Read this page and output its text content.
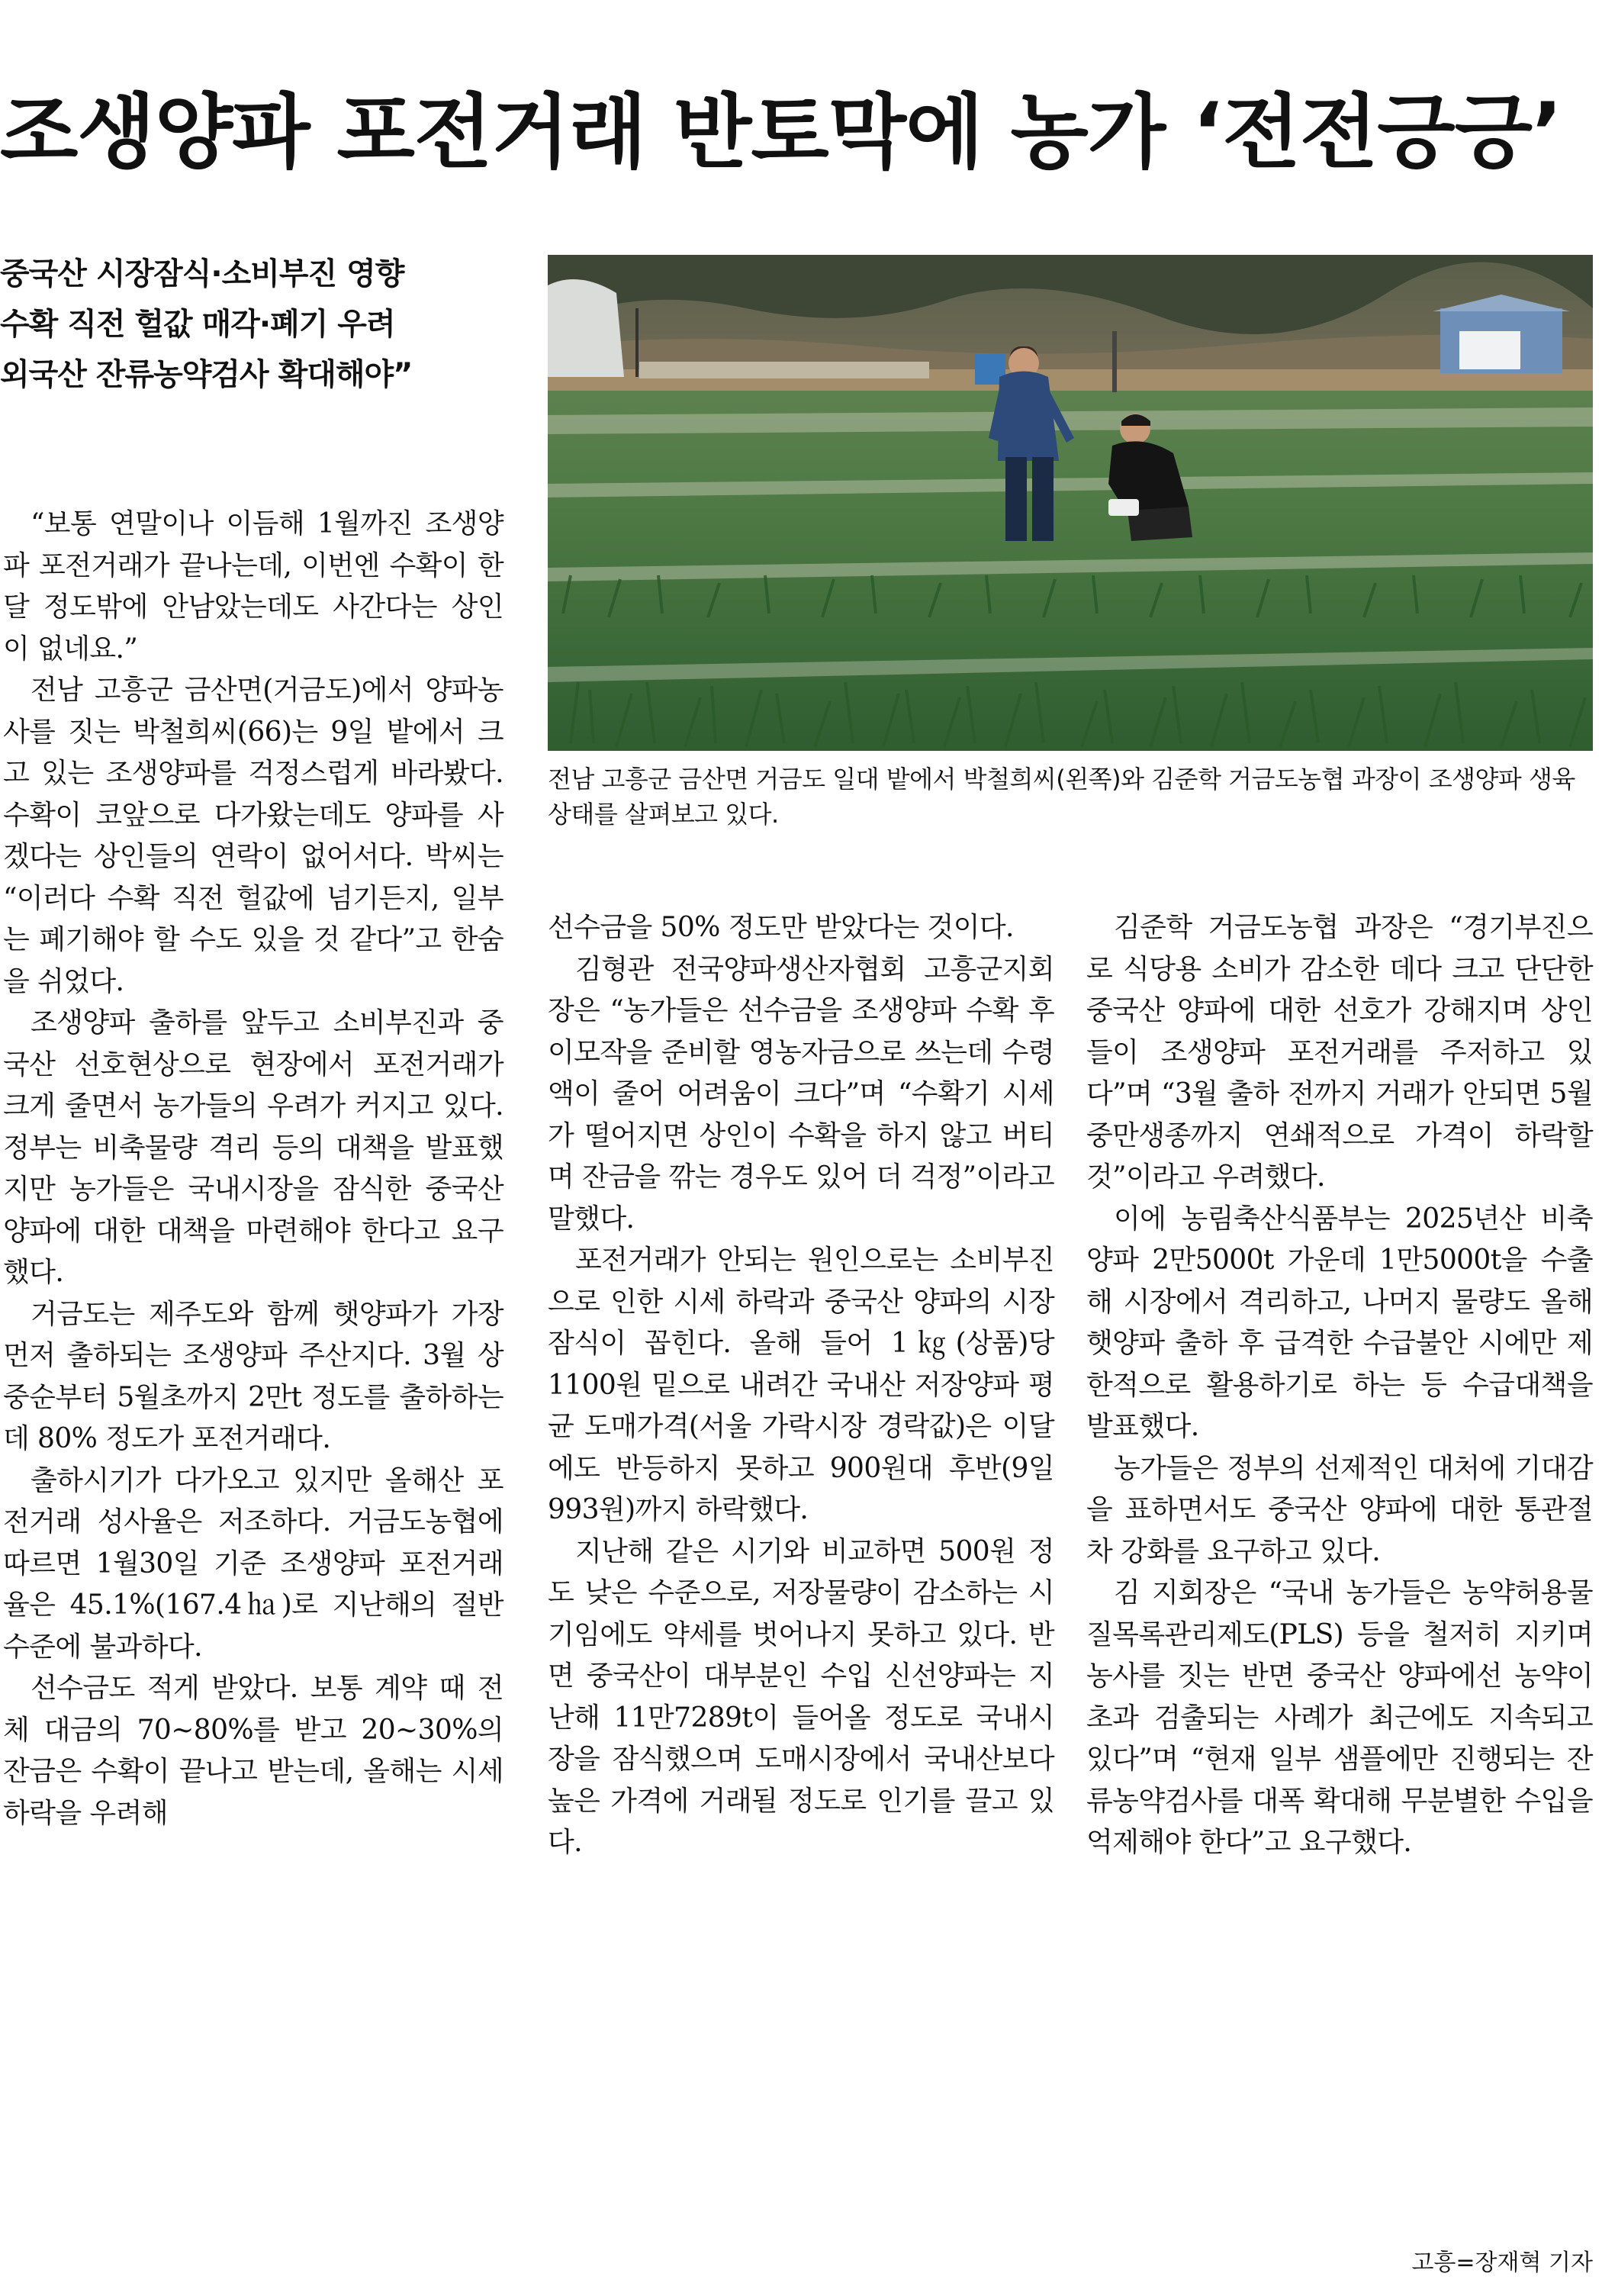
조생양파 포전거래 반토막에 농가 ‘전전긍긍’
중국산 시장잠식·소비부진 영향
수확 직전 헐값 매각·폐기 우려
외국산 잔류농약검사 확대해야”
전남 고흥군 금산면 거금도 일대 밭에서 박철희씨(왼쪽)와 김준학 거금도농협 과장이 조생양파 생육 상태를 살펴보고 있다.

“보통 연말이나 이듬해 1월까진 조생양파 포전거래가 끝나는데, 이번엔 수확이 한달 정도밖에 안남았는데도 사간다는 상인이 없네요.”

전남 고흥군 금산면(거금도)에서 양파농사를 짓는 박철희씨(66)는 9일 밭에서 크고 있는 조생양파를 걱정스럽게 바라봤다. 수확이 코앞으로 다가왔는데도 양파를 사겠다는 상인들의 연락이 없어서다. 박씨는 “이러다 수확 직전 헐값에 넘기든지, 일부는 폐기해야 할 수도 있을 것 같다”고 한숨을 쉬었다.

조생양파 출하를 앞두고 소비부진과 중국산 선호현상으로 현장에서 포전거래가 크게 줄면서 농가들의 우려가 커지고 있다. 정부는 비축물량 격리 등의 대책을 발표했지만 농가들은 국내시장을 잠식한 중국산 양파에 대한 대책을 마련해야 한다고 요구했다.

거금도는 제주도와 함께 햇양파가 가장 먼저 출하되는 조생양파 주산지다. 3월 상중순부터 5월초까지 2만t 정도를 출하하는데 80% 정도가 포전거래다.

출하시기가 다가오고 있지만 올해산 포전거래 성사율은 저조하다. 거금도농협에 따르면 1월30일 기준 조생양파 포전거래율은 45.1%(167.4㏊)로 지난해의 절반 수준에 불과하다.

선수금도 적게 받았다. 보통 계약 때 전체 대금의 70∼80%를 받고 20∼30%의 잔금은 수확이 끝나고 받는데, 올해는 시세하락을 우려해

선수금을 50% 정도만 받았다는 것이다.

김형관 전국양파생산자협회 고흥군지회장은 “농가들은 선수금을 조생양파 수확 후 이모작을 준비할 영농자금으로 쓰는데 수령액이 줄어 어려움이 크다”며 “수확기 시세가 떨어지면 상인이 수확을 하지 않고 버티며 잔금을 깎는 경우도 있어 더 걱정”이라고 말했다.

포전거래가 안되는 원인으로는 소비부진으로 인한 시세 하락과 중국산 양파의 시장 잠식이 꼽힌다. 올해 들어 1㎏(상품)당 1100원 밑으로 내려간 국내산 저장양파 평균 도매가격(서울 가락시장 경락값)은 이달에도 반등하지 못하고 900원대 후반(9일 993원)까지 하락했다.

지난해 같은 시기와 비교하면 500원 정도 낮은 수준으로, 저장물량이 감소하는 시기임에도 약세를 벗어나지 못하고 있다. 반면 중국산이 대부분인 수입 신선양파는 지난해 11만7289t이 들어올 정도로 국내시장을 잠식했으며 도매시장에서 국내산보다 높은 가격에 거래될 정도로 인기를 끌고 있다.

김준학 거금도농협 과장은 “경기부진으로 식당용 소비가 감소한 데다 크고 단단한 중국산 양파에 대한 선호가 강해지며 상인들이 조생양파 포전거래를 주저하고 있다”며 “3월 출하 전까지 거래가 안되면 5월 중만생종까지 연쇄적으로 가격이 하락할 것”이라고 우려했다.

이에 농림축산식품부는 2025년산 비축 양파 2만5000t 가운데 1만5000t을 수출해 시장에서 격리하고, 나머지 물량도 올해 햇양파 출하 후 급격한 수급불안 시에만 제한적으로 활용하기로 하는 등 수급대책을 발표했다.

농가들은 정부의 선제적인 대처에 기대감을 표하면서도 중국산 양파에 대한 통관절차 강화를 요구하고 있다.

김 지회장은 “국내 농가들은 농약허용물질목록관리제도(PLS) 등을 철저히 지키며 농사를 짓는 반면 중국산 양파에선 농약이 초과 검출되는 사례가 최근에도 지속되고 있다”며 “현재 일부 샘플에만 진행되는 잔류농약검사를 대폭 확대해 무분별한 수입을 억제해야 한다”고 요구했다.

고흥=장재혁 기자
